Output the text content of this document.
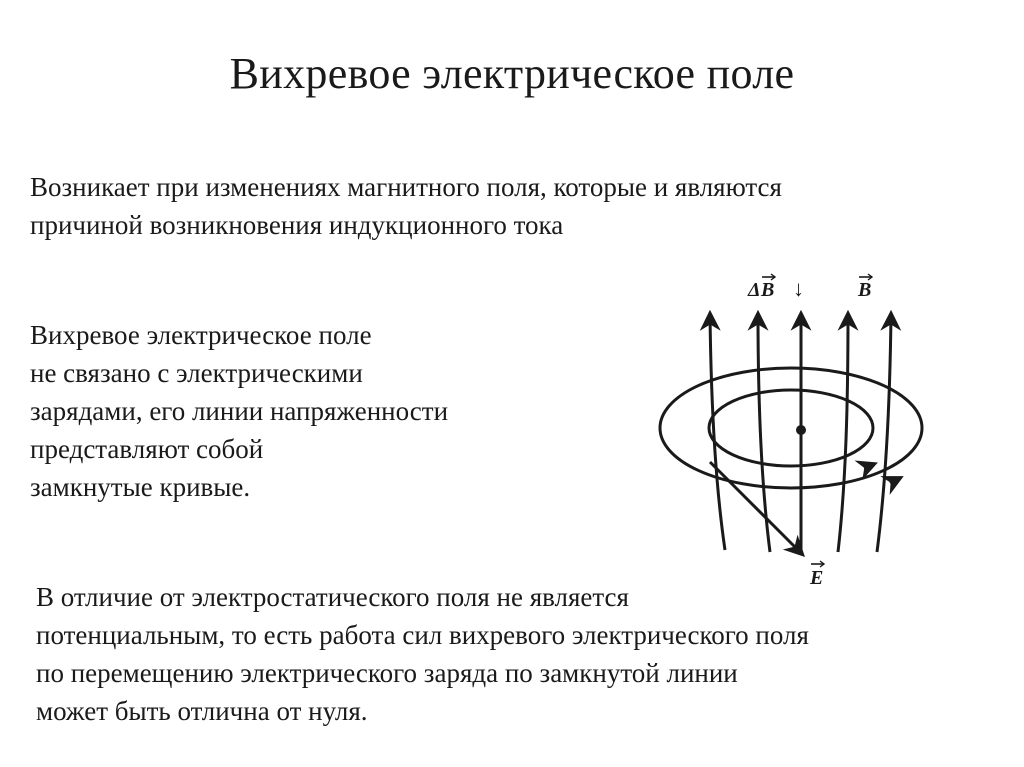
Вихревое электрическое поле
Возникает при изменениях магнитного поля, которые и являются
причиной возникновения индукционного тока
Вихревое электрическое поле
не связано с электрическими
зарядами, его линии напряженности
представляют собой
замкнутые кривые.
Δ B ↓	B
E
В отличие от электростатического поля не является
потенциальным, то есть работа сил вихревого электрического поля
по перемещению электрического заряда по замкнутой линии
может быть отлична от нуля.
